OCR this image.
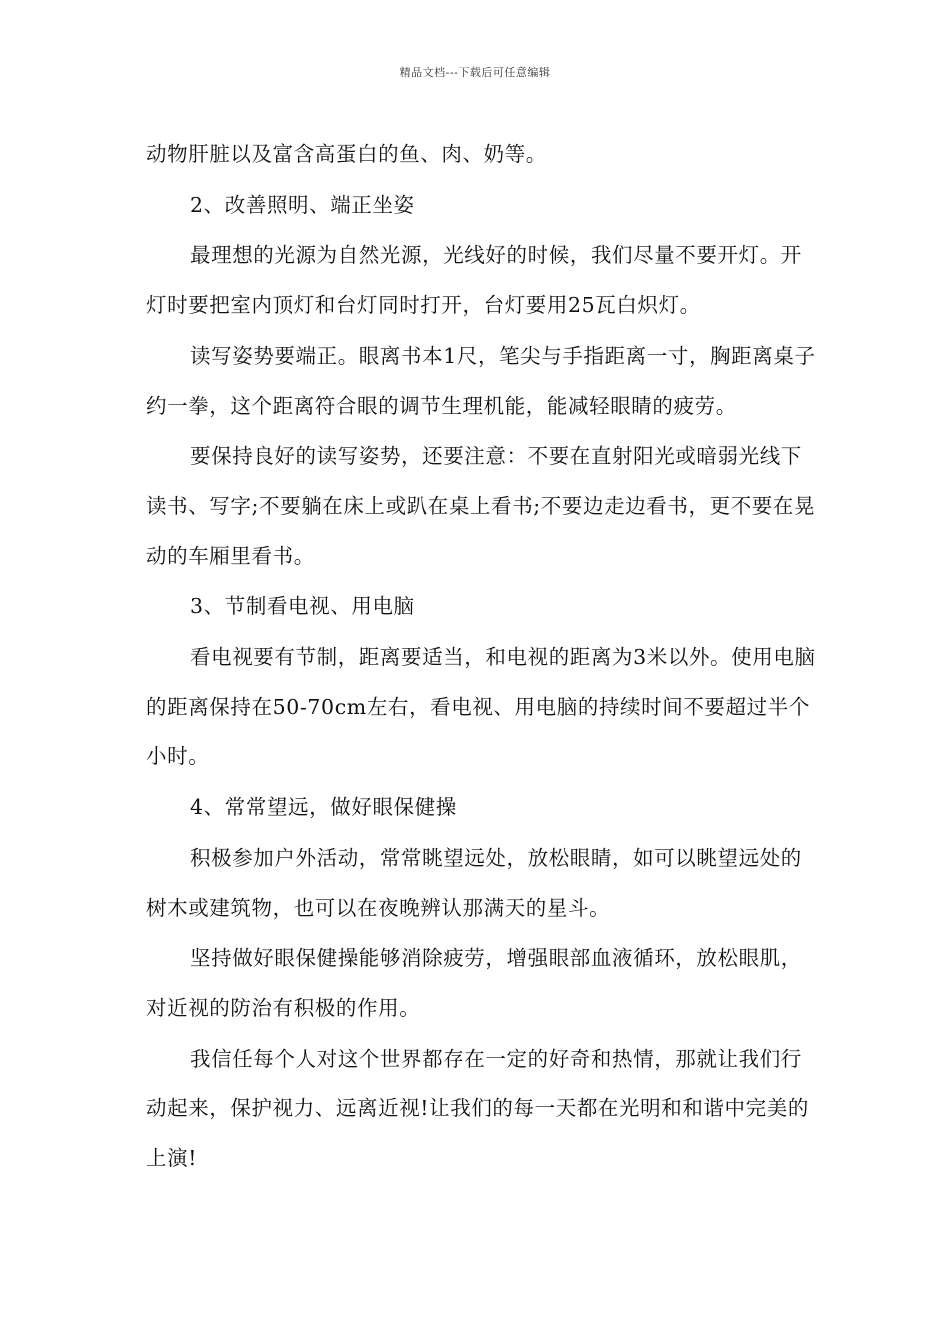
精品文档---下载后可任意编辑

动物肝脏以及富含高蛋白的鱼、肉、奶等。

2、改善照明、端正坐姿

最理想的光源为自然光源，光线好的时候，我们尽量不要开灯。开灯时要把室内顶灯和台灯同时打开，台灯要用25瓦白炽灯。

读写姿势要端正。眼离书本1尺，笔尖与手指距离一寸，胸距离桌子约一拳，这个距离符合眼的调节生理机能，能减轻眼睛的疲劳。

要保持良好的读写姿势，还要注意：不要在直射阳光或暗弱光线下读书、写字;不要躺在床上或趴在桌上看书;不要边走边看书，更不要在晃动的车厢里看书。

3、节制看电视、用电脑

看电视要有节制，距离要适当，和电视的距离为3米以外。使用电脑的距离保持在50-70cm左右，看电视、用电脑的持续时间不要超过半个小时。

4、常常望远，做好眼保健操

积极参加户外活动，常常眺望远处，放松眼睛，如可以眺望远处的树木或建筑物，也可以在夜晚辨认那满天的星斗。

坚持做好眼保健操能够消除疲劳，增强眼部血液循环，放松眼肌，对近视的防治有积极的作用。

我信任每个人对这个世界都存在一定的好奇和热情，那就让我们行动起来，保护视力、远离近视!让我们的每一天都在光明和和谐中完美的上演!
